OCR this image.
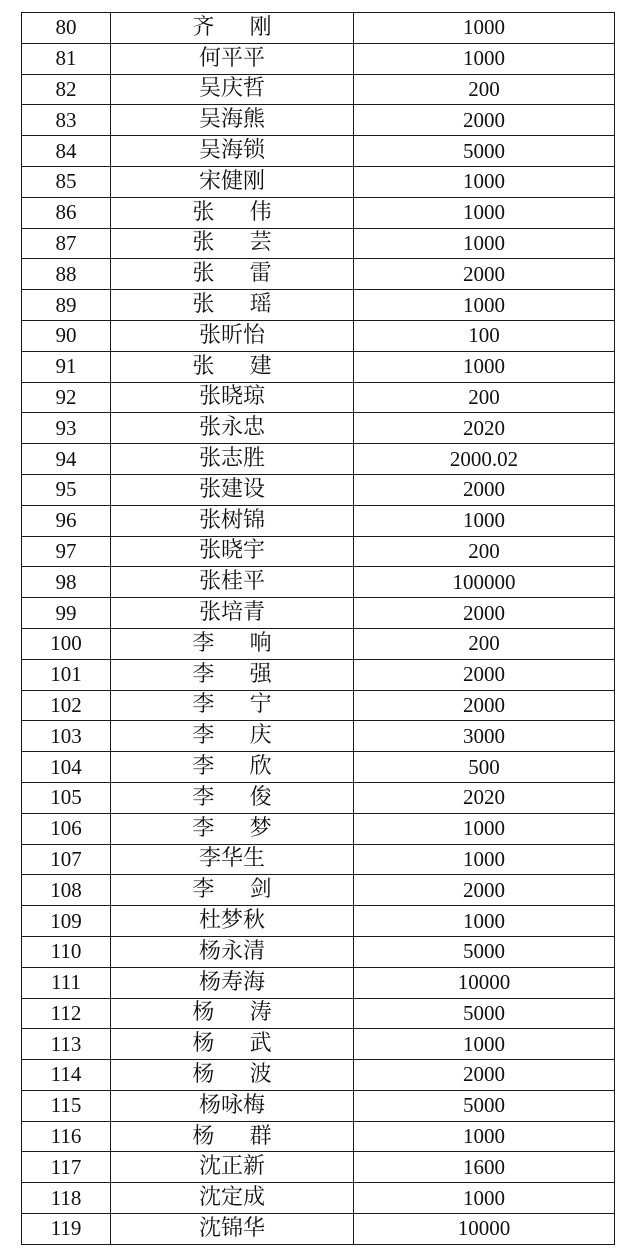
80	齐刚	1000
81	何平平	1000
82	吴庆哲	200
83	吴海熊	2000
84	吴海锁	5000
85	宋健刚	1000
86	张伟	1000
87	张芸	1000
88	张雷	2000
89	张瑶	1000
90	张昕怡	100
91	张建	1000
92	张晓琼	200
93	张永忠	2020
94	张志胜	2000.02
95	张建设	2000
96	张树锦	1000
97	张晓宇	200
98	张桂平	100000
99	张培青	2000
100	李响	200
101	李强	2000
102	李宁	2000
103	李庆	3000
104	李欣	500
105	李俊	2020
106	李梦	1000
107	李华生	1000
108	李剑	2000
109	杜梦秋	1000
110	杨永清	5000
111	杨寿海	10000
112	杨涛	5000
113	杨武	1000
114	杨波	2000
115	杨咏梅	5000
116	杨群	1000
117	沈正新	1600
118	沈定成	1000
119	沈锦华	10000
